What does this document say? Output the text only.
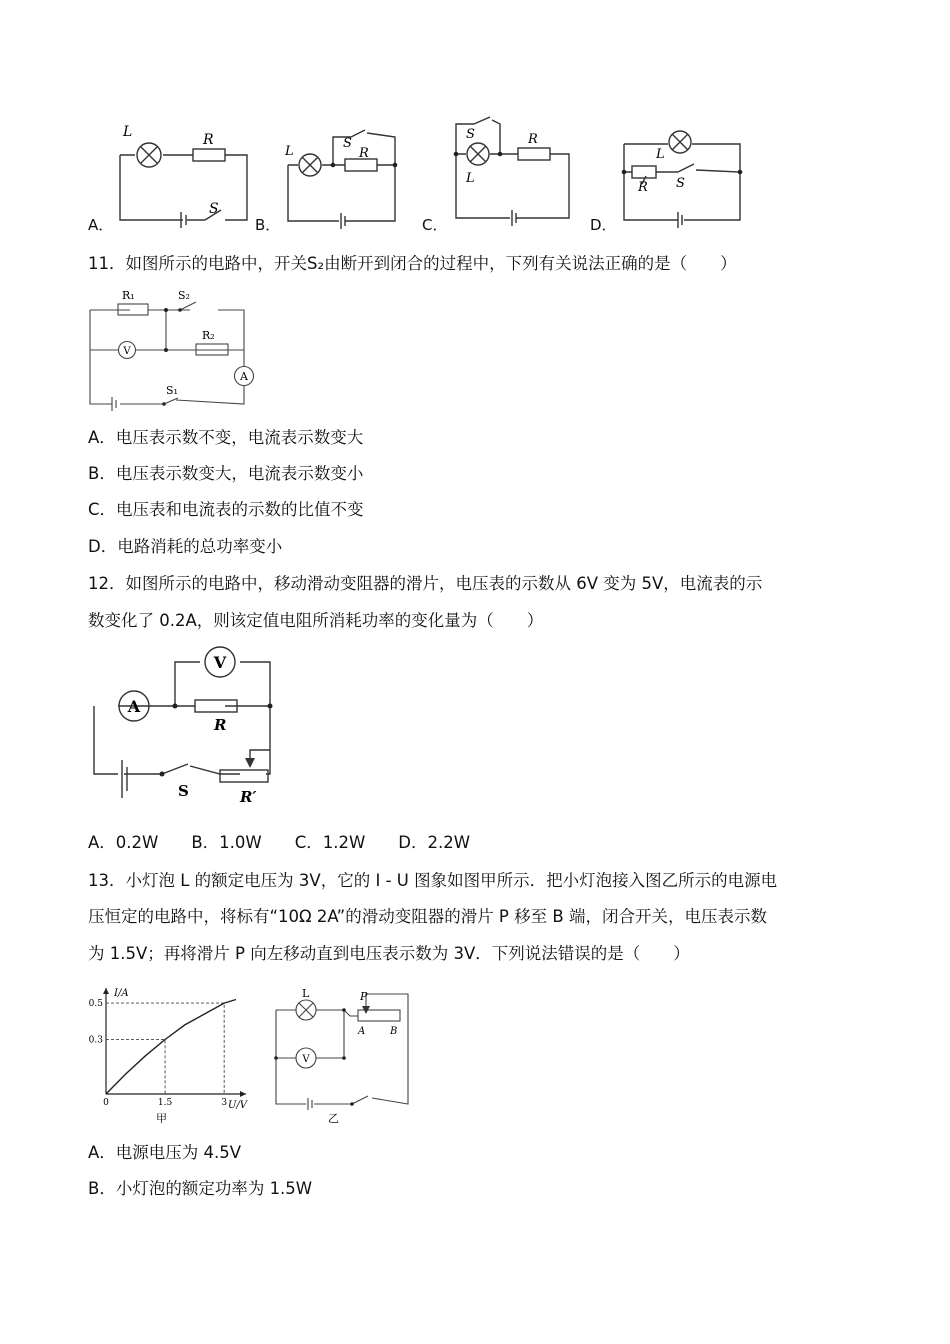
A．
L	R
S
B．
L
S
R
C．
S	R
L
D．
L
R S
11．如图所示的电路中，开关S₂由断开到闭合的过程中，下列有关说法正确的是（　　）
R₁	S₂
R₂
V
A
S₁
A．电压表示数不变，电流表示数变大
B．电压表示数变大，电流表示数变小
C．电压表和电流表的示数的比值不变
D．电路消耗的总功率变小
12．如图所示的电路中，移动滑动变阻器的滑片，电压表的示数从 6V 变为 5V，电流表的示
数变化了 0.2A，则该定值电阻所消耗功率的变化量为（　　）
A
V
R
S	R′
A．0.2W　　B．1.0W　　C．1.2W　　D．2.2W
13．小灯泡 L 的额定电压为 3V，它的 I - U 图象如图甲所示．把小灯泡接入图乙所示的电源电
压恒定的电路中，将标有“10Ω 2A”的滑动变阻器的滑片 P 移至 B 端，闭合开关，电压表示数
为 1.5V；再将滑片 P 向左移动直到电压表示数为 3V．下列说法错误的是（　　）
0.5
0.3
0	1.5	3
I/A
U/V
甲
L	P
A B
V
乙
A．电源电压为 4.5V
B．小灯泡的额定功率为 1.5W
